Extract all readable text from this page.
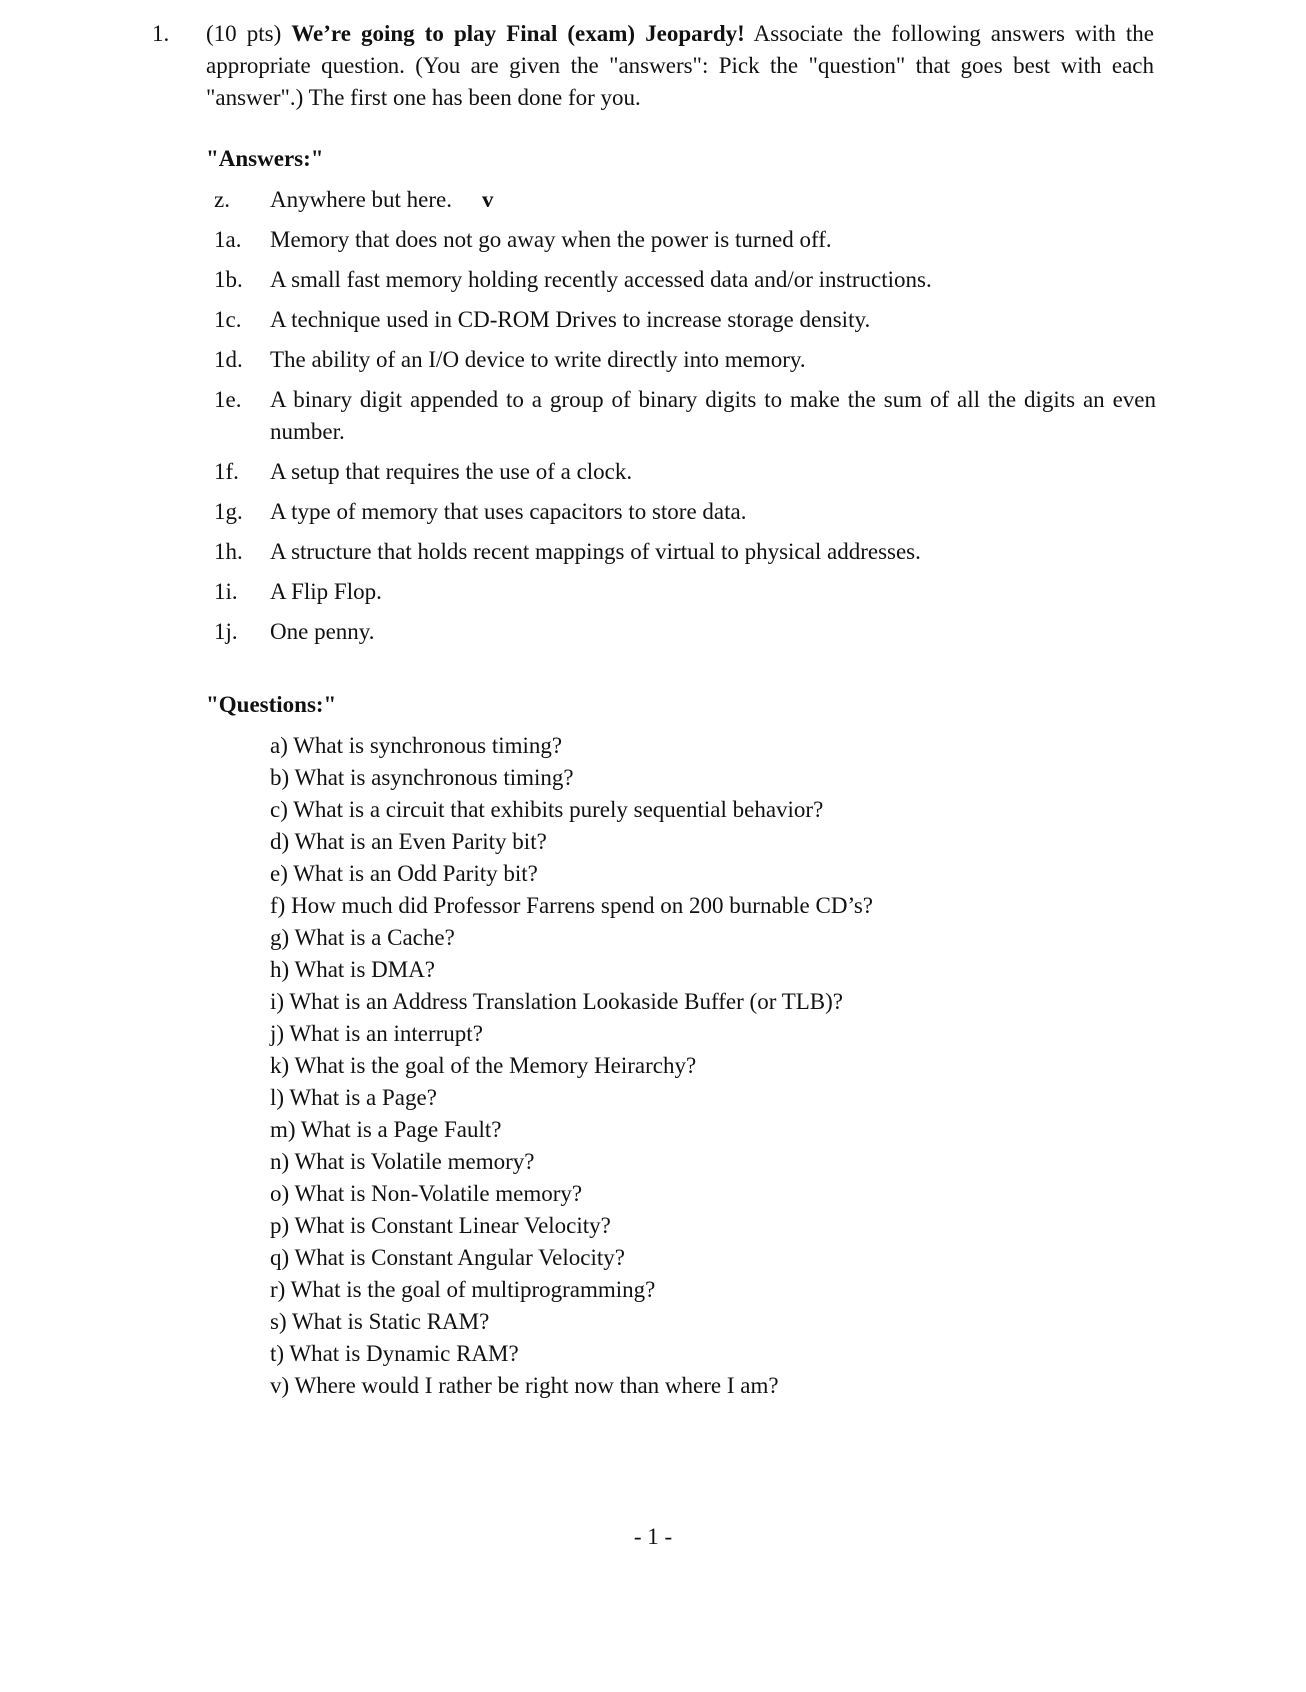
1. (10 pts) We’re going to play Final (exam) Jeopardy! Associate the following answers with the appropriate question. (You are given the "answers": Pick the "question" that goes best with each "answer".) The first one has been done for you.
"Answers:"
z.	Anywhere but here. v
1a.	Memory that does not go away when the power is turned off.
1b.	A small fast memory holding recently accessed data and/or instructions.
1c.	A technique used in CD-ROM Drives to increase storage density.
1d.	The ability of an I/O device to write directly into memory.
1e.	A binary digit appended to a group of binary digits to make the sum of all the digits an even number.
1f.	A setup that requires the use of a clock.
1g.	A type of memory that uses capacitors to store data.
1h.	A structure that holds recent mappings of virtual to physical addresses.
1i.	A Flip Flop.
1j.	One penny.
"Questions:"
a) What is synchronous timing?
b) What is asynchronous timing?
c) What is a circuit that exhibits purely sequential behavior?
d) What is an Even Parity bit?
e) What is an Odd Parity bit?
f) How much did Professor Farrens spend on 200 burnable CD’s?
g) What is a Cache?
h) What is DMA?
i) What is an Address Translation Lookaside Buffer (or TLB)?
j) What is an interrupt?
k) What is the goal of the Memory Heirarchy?
l) What is a Page?
m) What is a Page Fault?
n) What is Volatile memory?
o) What is Non-Volatile memory?
p) What is Constant Linear Velocity?
q) What is Constant Angular Velocity?
r) What is the goal of multiprogramming?
s) What is Static RAM?
t) What is Dynamic RAM?
v) Where would I rather be right now than where I am?
- 1 -
